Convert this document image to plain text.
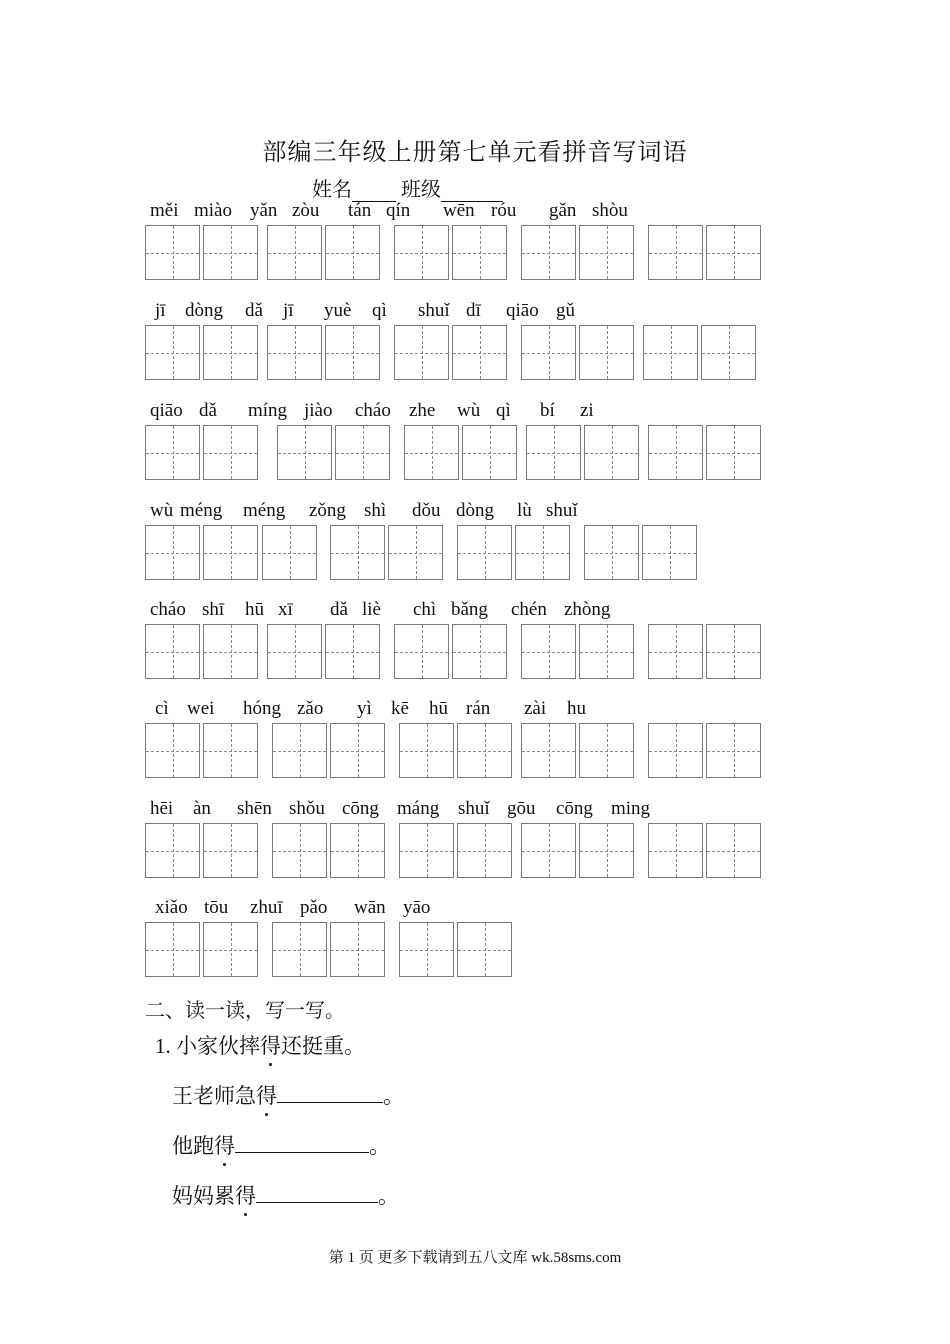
部编三年级上册第七单元看拼音写词语
姓名 班级
měi miào yǎn zòu tán qín wēn róu gǎn shòu
jī dòng dǎ jī yuè qì shuǐ dī qiāo gǔ
qiāo dǎ míng jiào cháo zhe wù qì bí zi
wù méng méng zǒng shì dǒu dòng lù shuǐ
cháo shī hū xī dǎ liè chì bǎng chén zhòng
cì wei hóng zǎo yì kē hū rán zài hu
hēi àn shēn shǒu cōng máng shuǐ gōu cōng ming
xiǎo tōu zhuī pǎo wān yāo
二、读一读，写一写。
1. 小家伙摔得还挺重。
王老师急得	。
他跑得	。
妈妈累得	。
第 1 页 更多下载请到五八文库 wk.58sms.com
